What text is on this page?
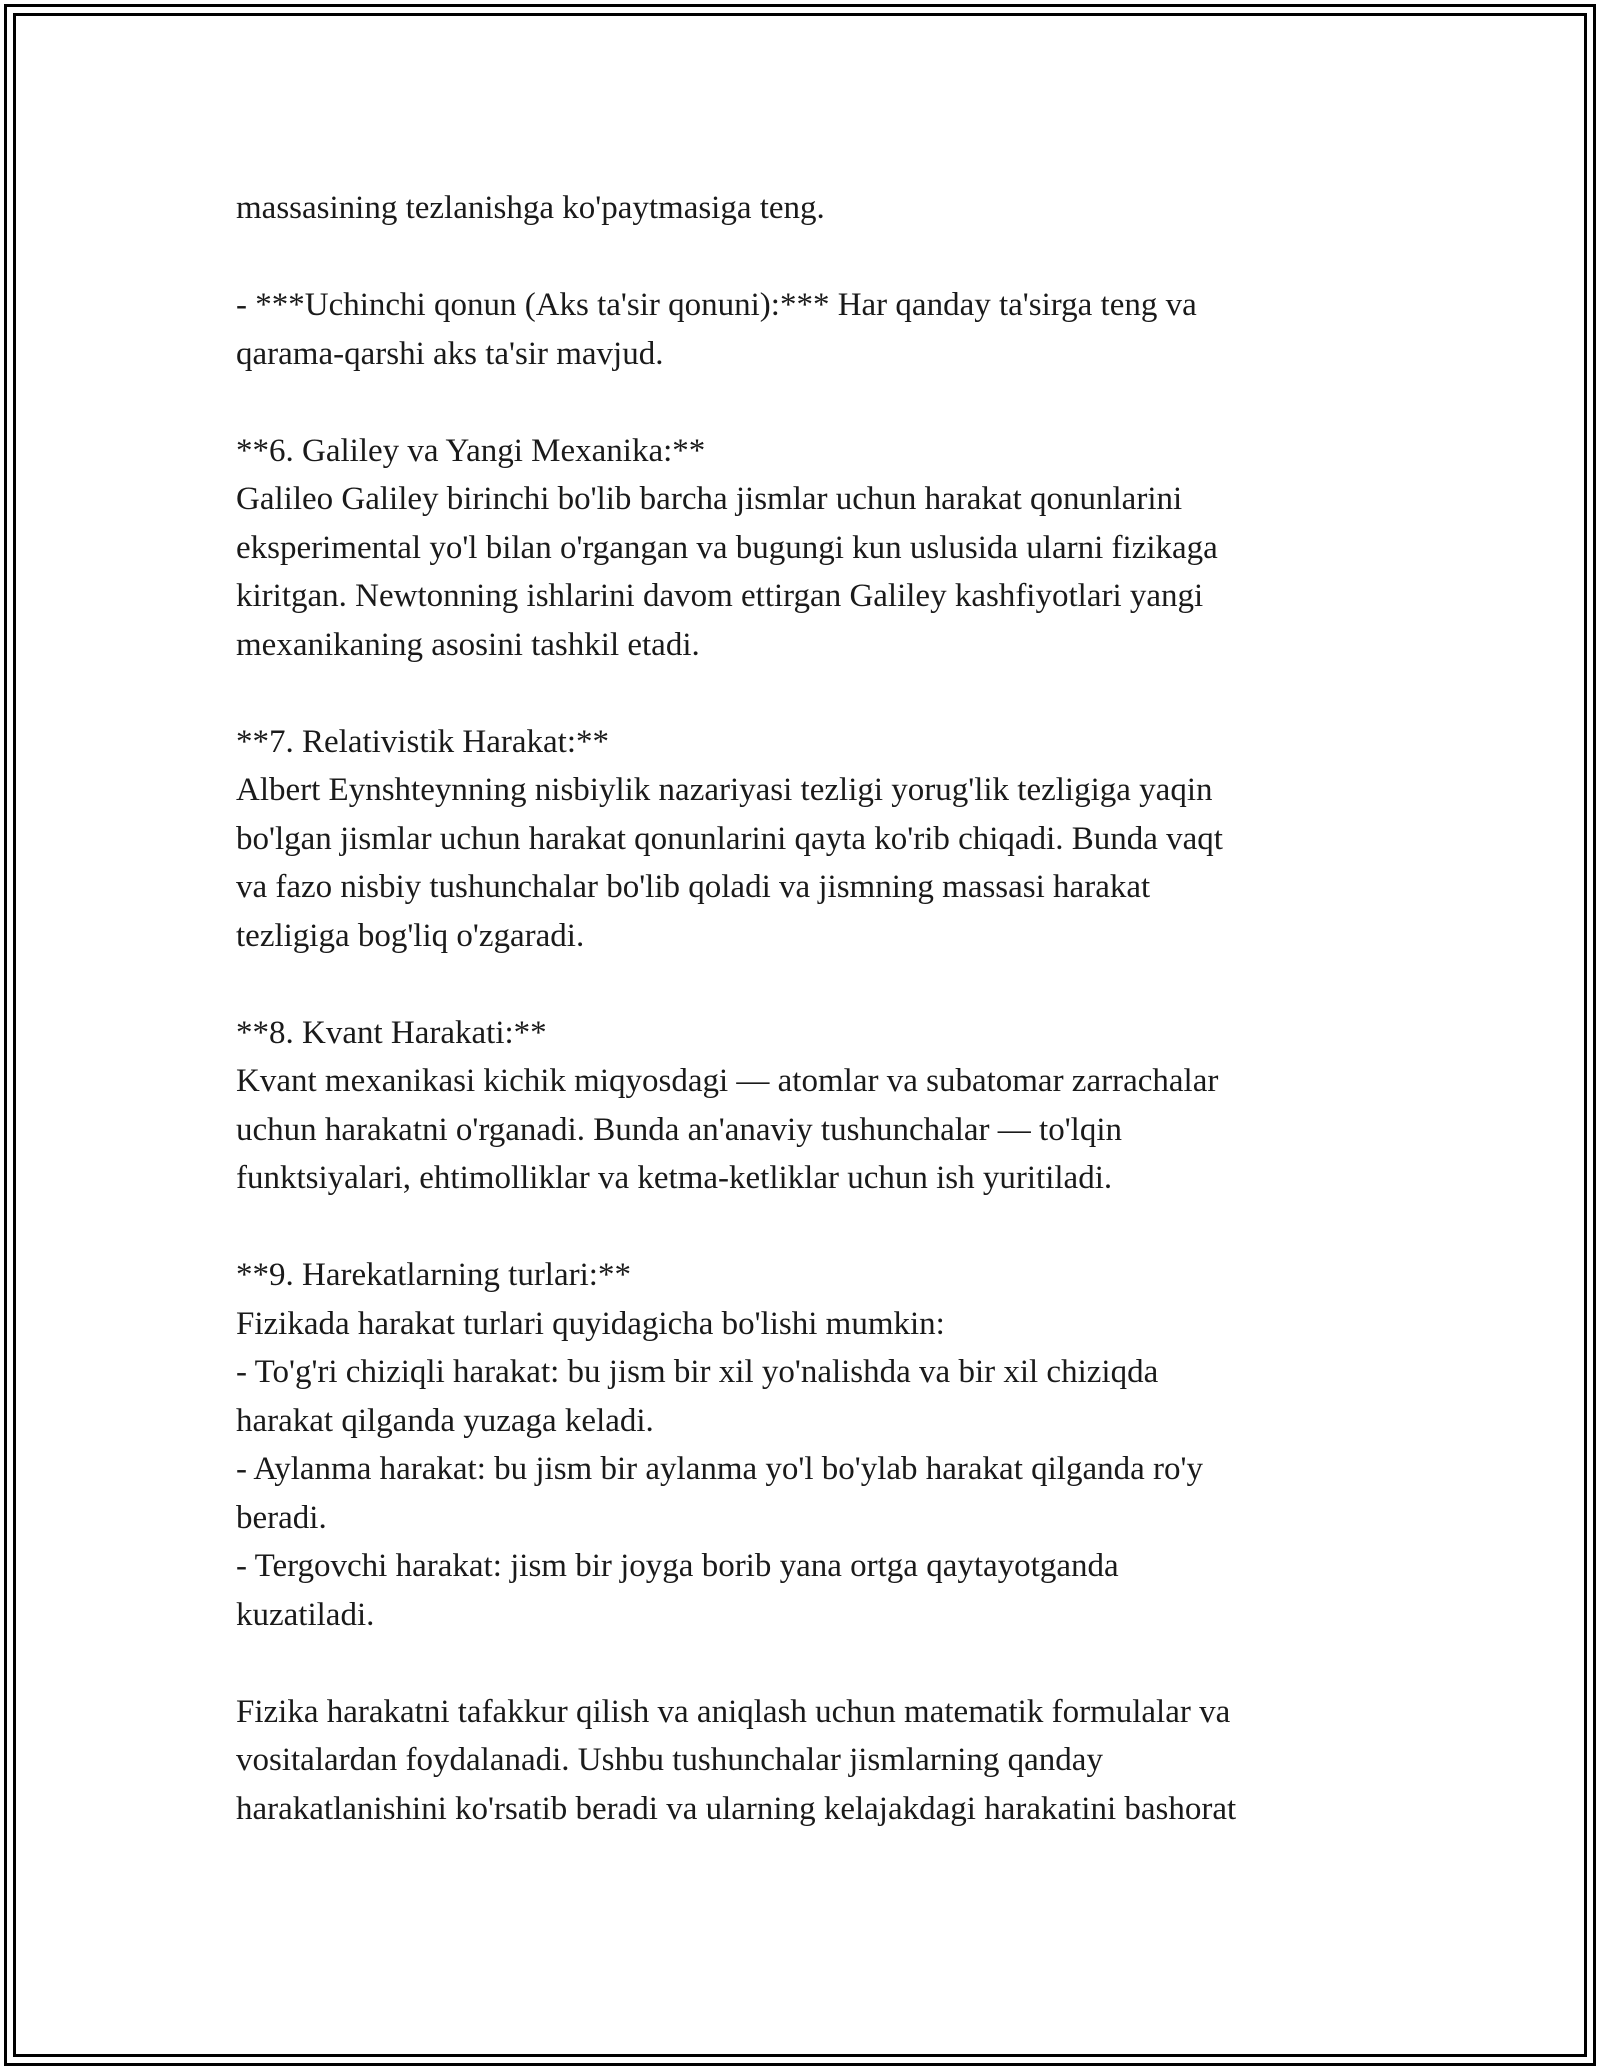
massasining tezlanishga ko'paytmasiga teng.

- ***Uchinchi qonun (Aks ta'sir qonuni):*** Har qanday ta'sirga teng va

qarama-qarshi aks ta'sir mavjud.

**6. Galiley va Yangi Mexanika:**

Galileo Galiley birinchi bo'lib barcha jismlar uchun harakat qonunlarini

eksperimental yo'l bilan o'rgangan va bugungi kun uslusida ularni fizikaga

kiritgan. Newtonning ishlarini davom ettirgan Galiley kashfiyotlari yangi

mexanikaning asosini tashkil etadi.

**7. Relativistik Harakat:**

Albert Eynshteynning nisbiylik nazariyasi tezligi yorug'lik tezligiga yaqin

bo'lgan jismlar uchun harakat qonunlarini qayta ko'rib chiqadi. Bunda vaqt

va fazo nisbiy tushunchalar bo'lib qoladi va jismning massasi harakat

tezligiga bog'liq o'zgaradi.

**8. Kvant Harakati:**

Kvant mexanikasi kichik miqyosdagi — atomlar va subatomar zarrachalar

uchun harakatni o'rganadi. Bunda an'anaviy tushunchalar — to'lqin

funktsiyalari, ehtimolliklar va ketma-ketliklar uchun ish yuritiladi.

**9. Harekatlarning turlari:**

Fizikada harakat turlari quyidagicha bo'lishi mumkin:

- To'g'ri chiziqli harakat: bu jism bir xil yo'nalishda va bir xil chiziqda

harakat qilganda yuzaga keladi.

- Aylanma harakat: bu jism bir aylanma yo'l bo'ylab harakat qilganda ro'y

beradi.

- Tergovchi harakat: jism bir joyga borib yana ortga qaytayotganda

kuzatiladi.

Fizika harakatni tafakkur qilish va aniqlash uchun matematik formulalar va

vositalardan foydalanadi. Ushbu tushunchalar jismlarning qanday

harakatlanishini ko'rsatib beradi va ularning kelajakdagi harakatini bashorat
